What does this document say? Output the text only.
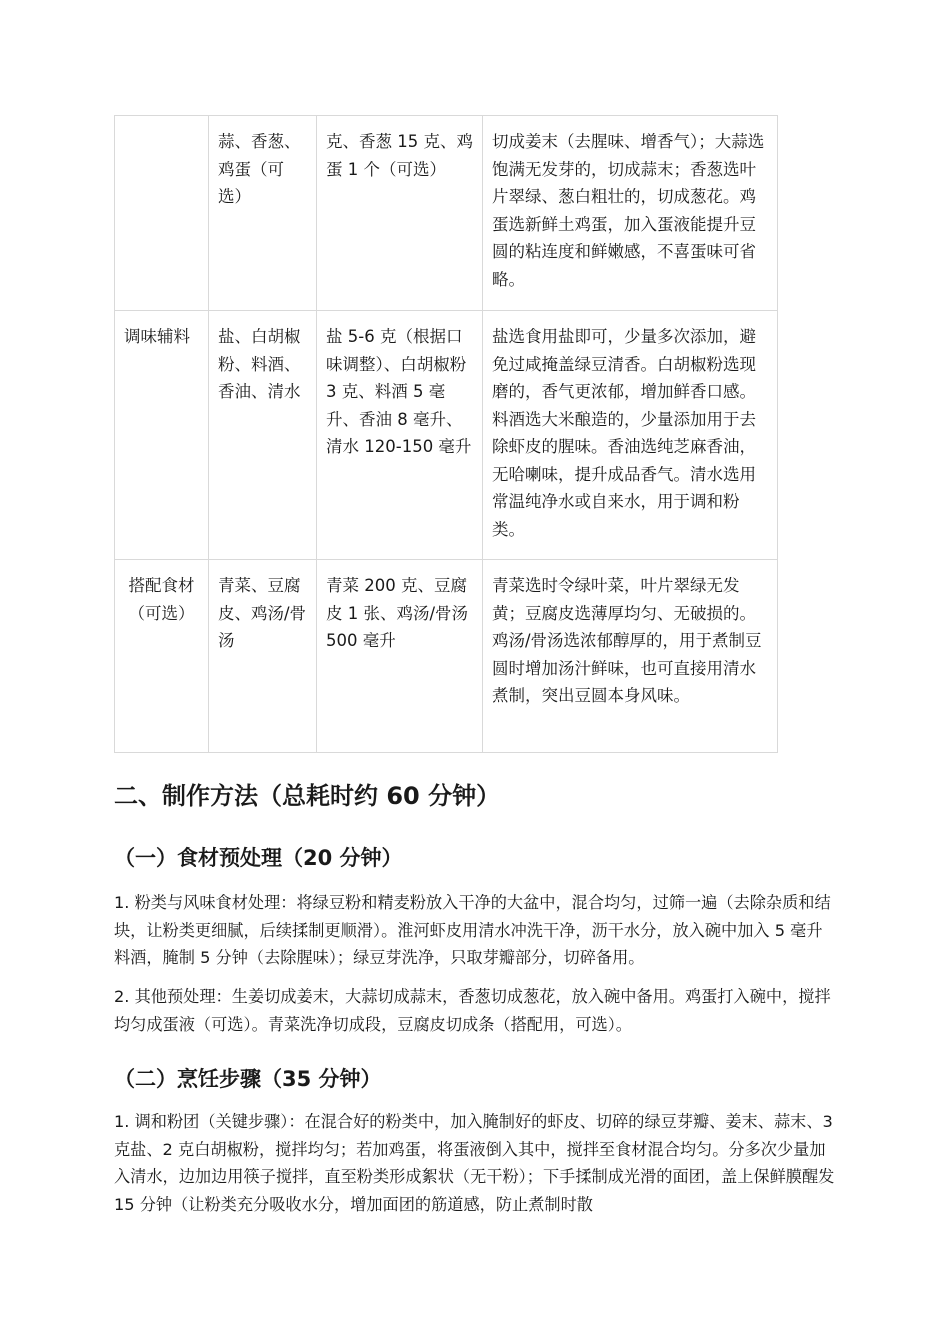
	蒜、香葱、鸡蛋（可选）	克、香葱 15 克、鸡蛋 1 个（可选）	切成姜末（去腥味、增香气）；大蒜选饱满无发芽的，切成蒜末；香葱选叶片翠绿、葱白粗壮的，切成葱花。鸡蛋选新鲜土鸡蛋，加入蛋液能提升豆圆的粘连度和鲜嫩感，不喜蛋味可省略。
调味辅料	盐、白胡椒粉、料酒、香油、清水	盐 5-6 克（根据口味调整）、白胡椒粉 3 克、料酒 5 毫升、香油 8 毫升、清水 120-150 毫升	盐选食用盐即可，少量多次添加，避免过咸掩盖绿豆清香。白胡椒粉选现磨的，香气更浓郁，增加鲜香口感。料酒选大米酿造的，少量添加用于去除虾皮的腥味。香油选纯芝麻香油，无哈喇味，提升成品香气。清水选用常温纯净水或自来水，用于调和粉类。
搭配食材（可选）	青菜、豆腐皮、鸡汤/骨汤	青菜 200 克、豆腐皮 1 张、鸡汤/骨汤 500 毫升	青菜选时令绿叶菜，叶片翠绿无发黄；豆腐皮选薄厚均匀、无破损的。鸡汤/骨汤选浓郁醇厚的，用于煮制豆圆时增加汤汁鲜味，也可直接用清水煮制，突出豆圆本身风味。
二、制作方法（总耗时约 60 分钟）
（一）食材预处理（20 分钟）

1. 粉类与风味食材处理：将绿豆粉和精麦粉放入干净的大盆中，混合均匀，过筛一遍（去除杂质和结块，让粉类更细腻，后续揉制更顺滑）。淮河虾皮用清水冲洗干净，沥干水分，放入碗中加入 5 毫升料酒，腌制 5 分钟（去除腥味）；绿豆芽洗净，只取芽瓣部分，切碎备用。

2. 其他预处理：生姜切成姜末，大蒜切成蒜末，香葱切成葱花，放入碗中备用。鸡蛋打入碗中，搅拌均匀成蛋液（可选）。青菜洗净切成段，豆腐皮切成条（搭配用，可选）。

（二）烹饪步骤（35 分钟）

1. 调和粉团（关键步骤）：在混合好的粉类中，加入腌制好的虾皮、切碎的绿豆芽瓣、姜末、蒜末、3 克盐、2 克白胡椒粉，搅拌均匀；若加鸡蛋，将蛋液倒入其中，搅拌至食材混合均匀。分多次少量加入清水，边加边用筷子搅拌，直至粉类形成絮状（无干粉）；下手揉制成光滑的面团，盖上保鲜膜醒发 15 分钟（让粉类充分吸收水分，增加面团的筋道感，防止煮制时散
